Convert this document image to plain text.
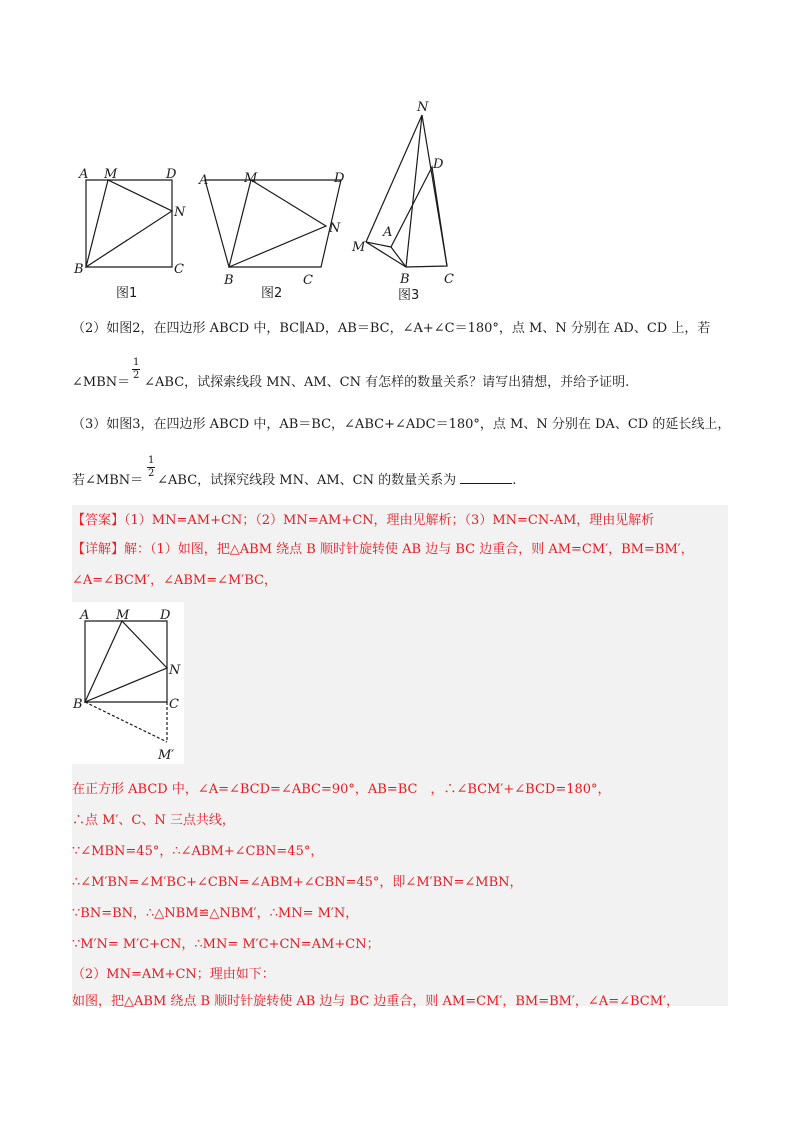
A M	D
N
B	C
图1
A	M	D
N
B	C
图2
N
D
M
A
B	C
图3
（2）如图2，在四边形 ABCD 中，BC∥AD，AB＝BC，∠A+∠C＝180°，点 M、N 分别在 AD、CD 上，若
1
2
∠MBN＝ ∠ABC，试探索线段 MN、AM、CN 有怎样的数量关系？请写出猜想，并给予证明.
（3）如图3，在四边形 ABCD 中，AB＝BC，∠ABC+∠ADC＝180°，点 M、N 分别在 DA、CD 的延长线上，
1
2
若∠MBN＝ ∠ABC，试探究线段 MN、AM、CN 的数量关系为	.
【答案】（1）MN=AM+CN；（2）MN=AM+CN，理由见解析；（3）MN=CN-AM，理由见解析
【详解】解：（1）如图，把△ABM 绕点 B 顺时针旋转使 AB 边与 BC 边重合，则 AM=CM′，BM=BM′，
∠A=∠BCM′，∠ABM=∠M′BC，
A M D
N
B	C
M′
在正方形 ABCD 中，∠A=∠BCD=∠ABC=90°，AB=BC　，∴∠BCM′+∠BCD=180°，
∴点 M′、C、N 三点共线，
∵∠MBN=45°，∴∠ABM+∠CBN=45°，
∴∠M′BN=∠M′BC+∠CBN=∠ABM+∠CBN=45°，即∠M′BN=∠MBN，
∵BN=BN，∴△NBM≌△NBM′，∴MN= M′N，
∵M′N= M′C+CN，∴MN= M′C+CN=AM+CN；
（2）MN=AM+CN；理由如下：
如图，把△ABM 绕点 B 顺时针旋转使 AB 边与 BC 边重合，则 AM=CM′，BM=BM′，∠A=∠BCM′，
